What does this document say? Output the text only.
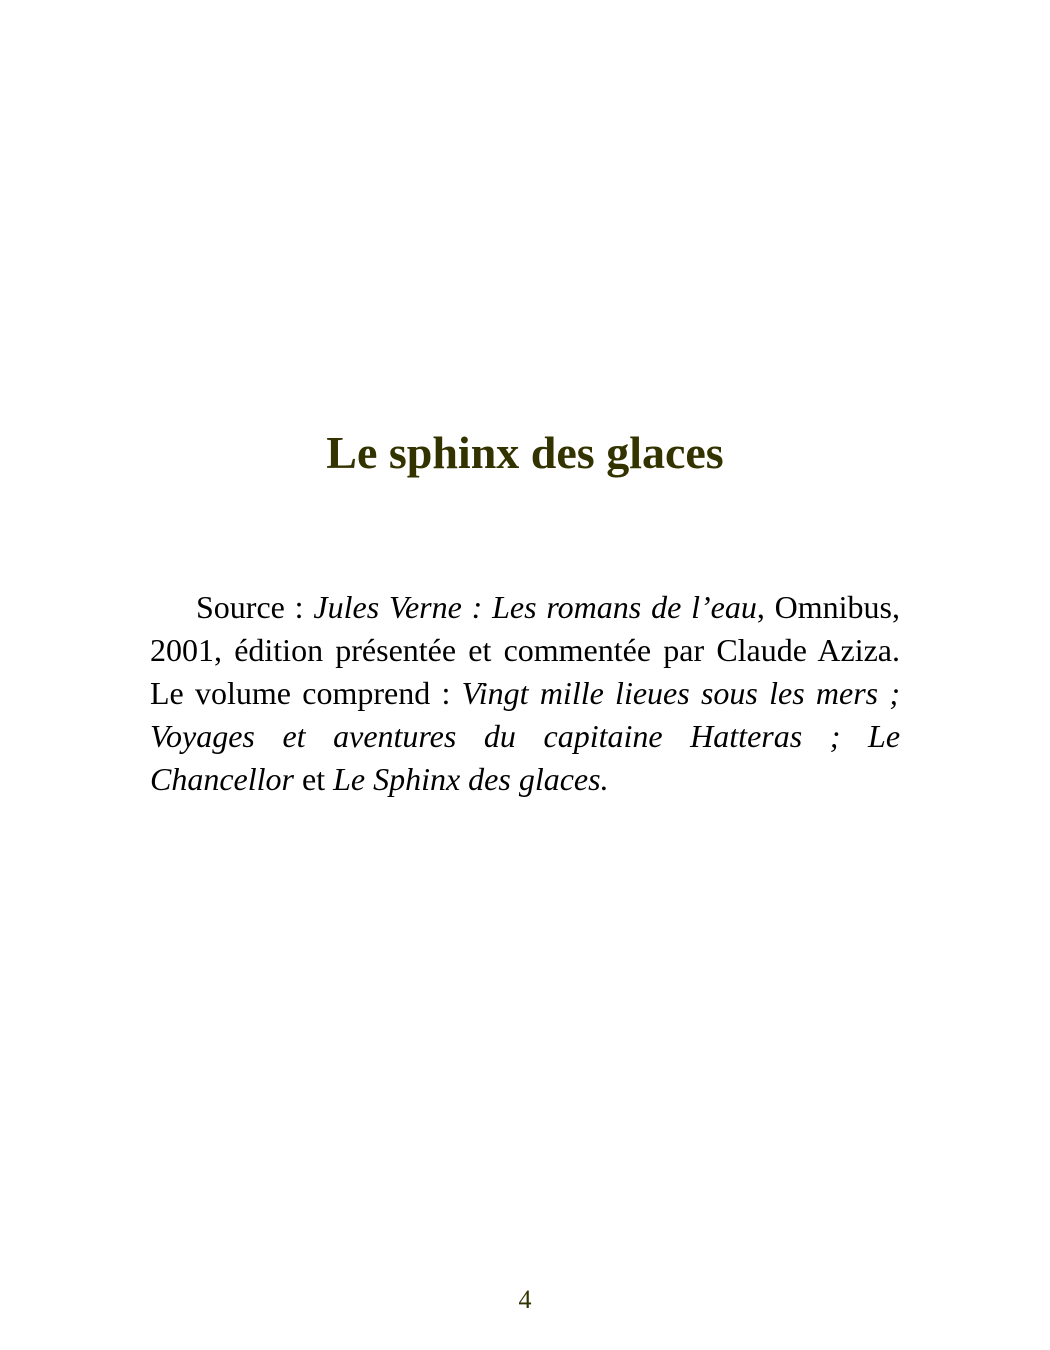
Le sphinx des glaces

Source : Jules Verne : Les romans de l’eau, Omnibus, 2001, édition présentée et commentée par Claude Aziza. Le volume comprend : Vingt mille lieues sous les mers ; Voyages et aventures du capitaine Hatteras ; Le Chancellor et Le Sphinx des glaces.

4
